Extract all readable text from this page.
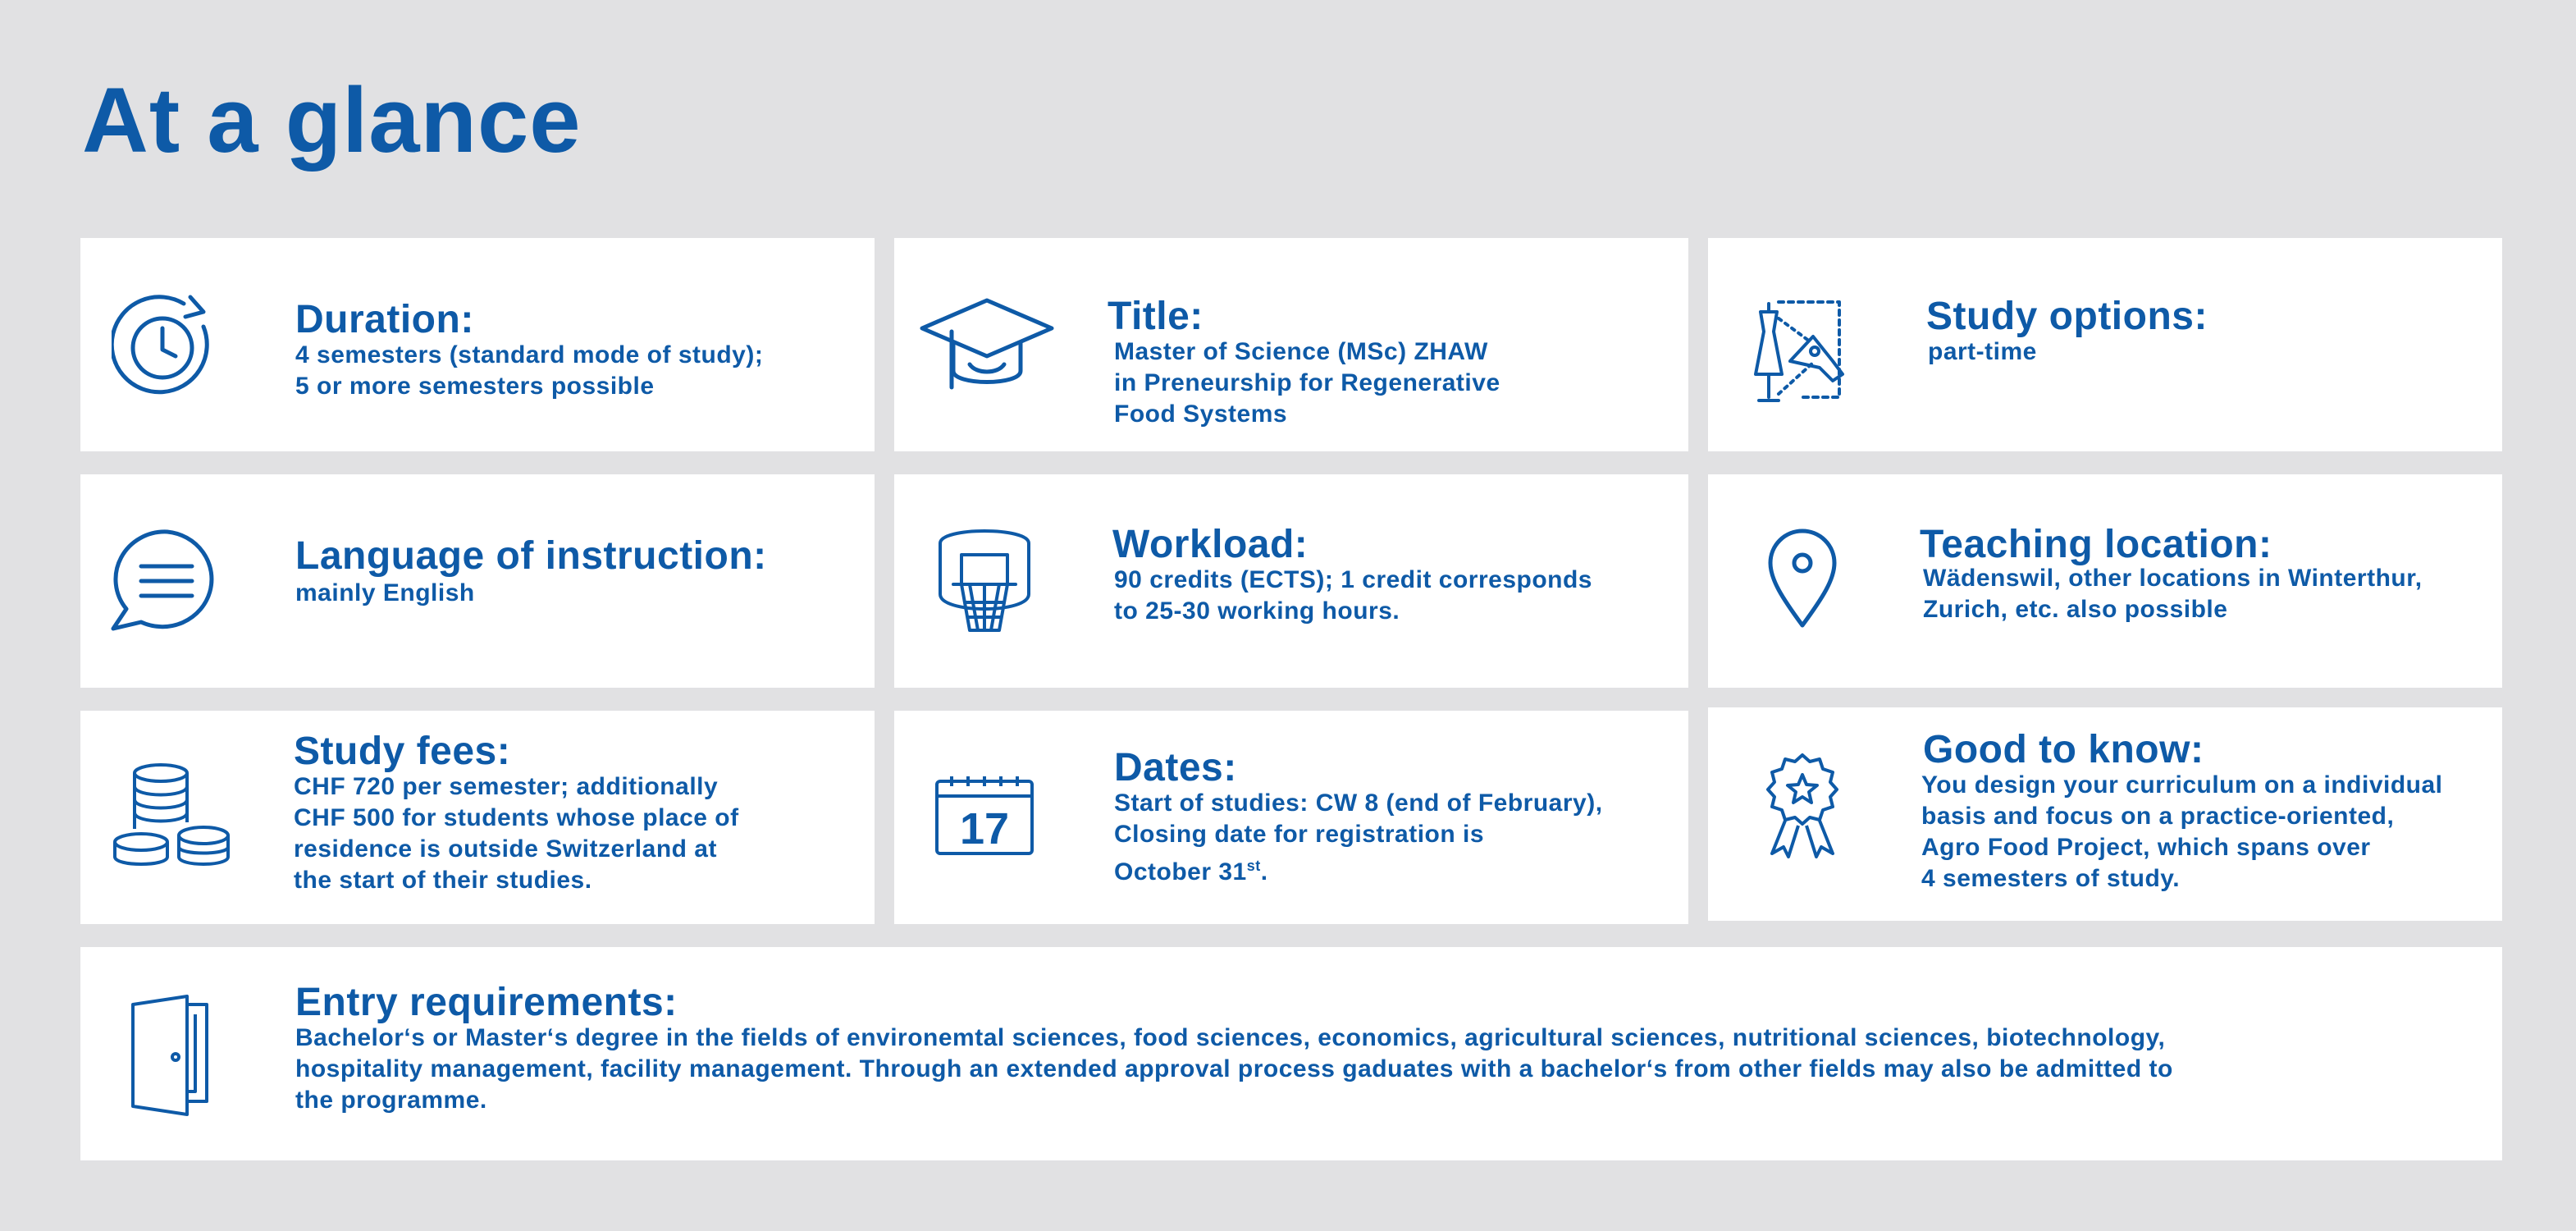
At a glance
Duration:
4 semesters (standard mode of study);
5 or more semesters possible
Title:
Master of Science (MSc) ZHAW
in Preneurship for Regenerative
Food Systems
Study options:
part-time
Language of instruction:
mainly English
Workload:
90 credits (ECTS); 1 credit corresponds
to 25-30 working hours.
Teaching location:
Wädenswil, other locations in Winterthur,
Zurich, etc. also possible
Study fees:
CHF 720 per semester; additionally
CHF 500 for students whose place of
residence is outside Switzerland at
the start of their studies.
17
Dates:
Start of studies: CW 8 (end of February),
Closing date for registration is
October 31st.
Good to know:
You design your curriculum on a individual
basis and focus on a practice-oriented,
Agro Food Project, which spans over
4 semesters of study.
Entry requirements:
Bachelor‘s or Master‘s degree in the fields of environemtal sciences, food sciences, economics, agricultural sciences, nutritional sciences, biotechnology,
hospitality management, facility management. Through an extended approval process gaduates with a bachelor‘s from other fields may also be admitted to
the programme.
